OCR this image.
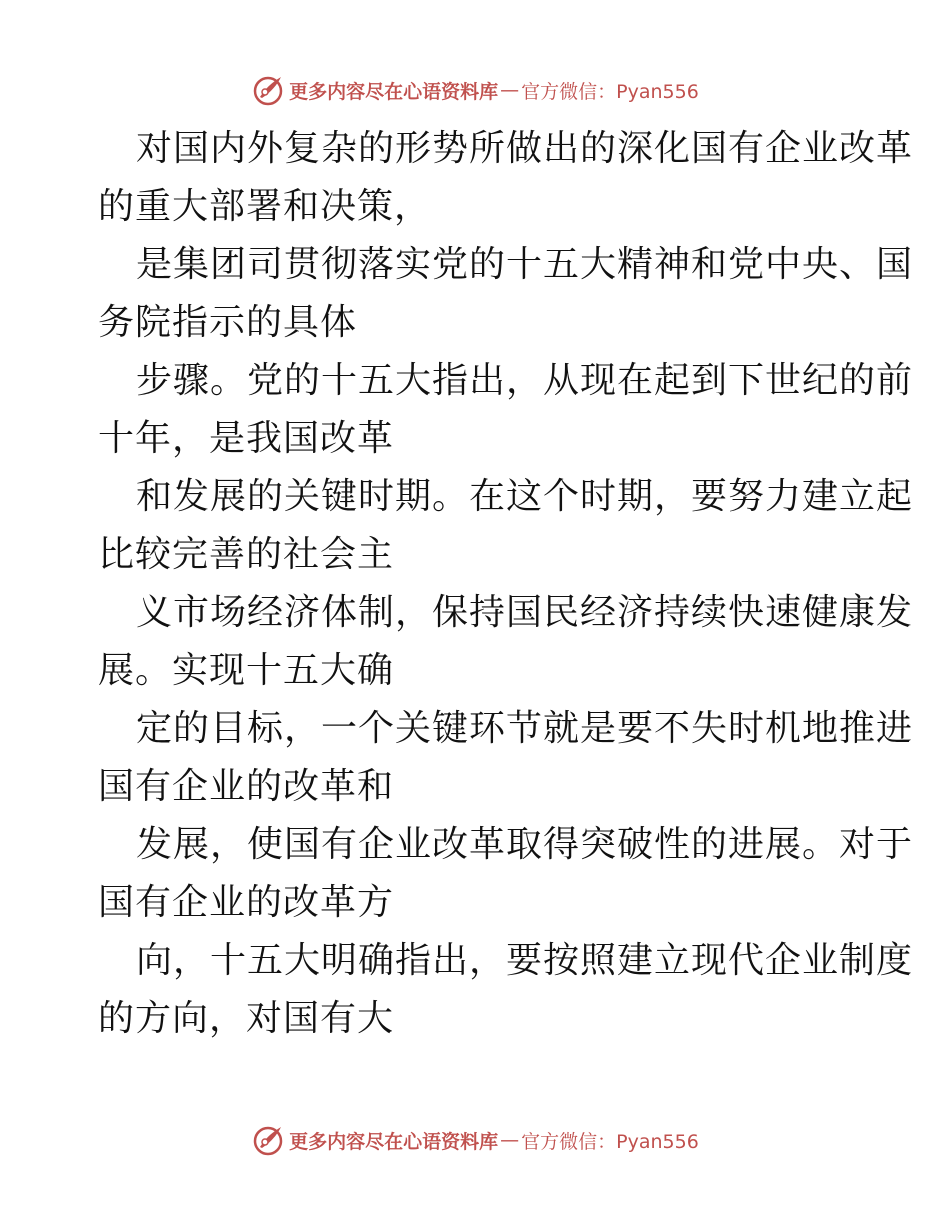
更多内容尽在心语资料库 — 官方微信：Pyan556
对国内外复杂的形势所做出的深化国有企业改革
的重大部署和决策，
是集团司贯彻落实党的十五大精神和党中央、国
务院指示的具体
步骤。党的十五大指出，从现在起到下世纪的前
十年，是我国改革
和发展的关键时期。在这个时期，要努力建立起
比较完善的社会主
义市场经济体制，保持国民经济持续快速健康发
展。实现十五大确
定的目标，一个关键环节就是要不失时机地推进
国有企业的改革和
发展，使国有企业改革取得突破性的进展。对于
国有企业的改革方
向，十五大明确指出，要按照建立现代企业制度
的方向，对国有大
更多内容尽在心语资料库 — 官方微信：Pyan556
